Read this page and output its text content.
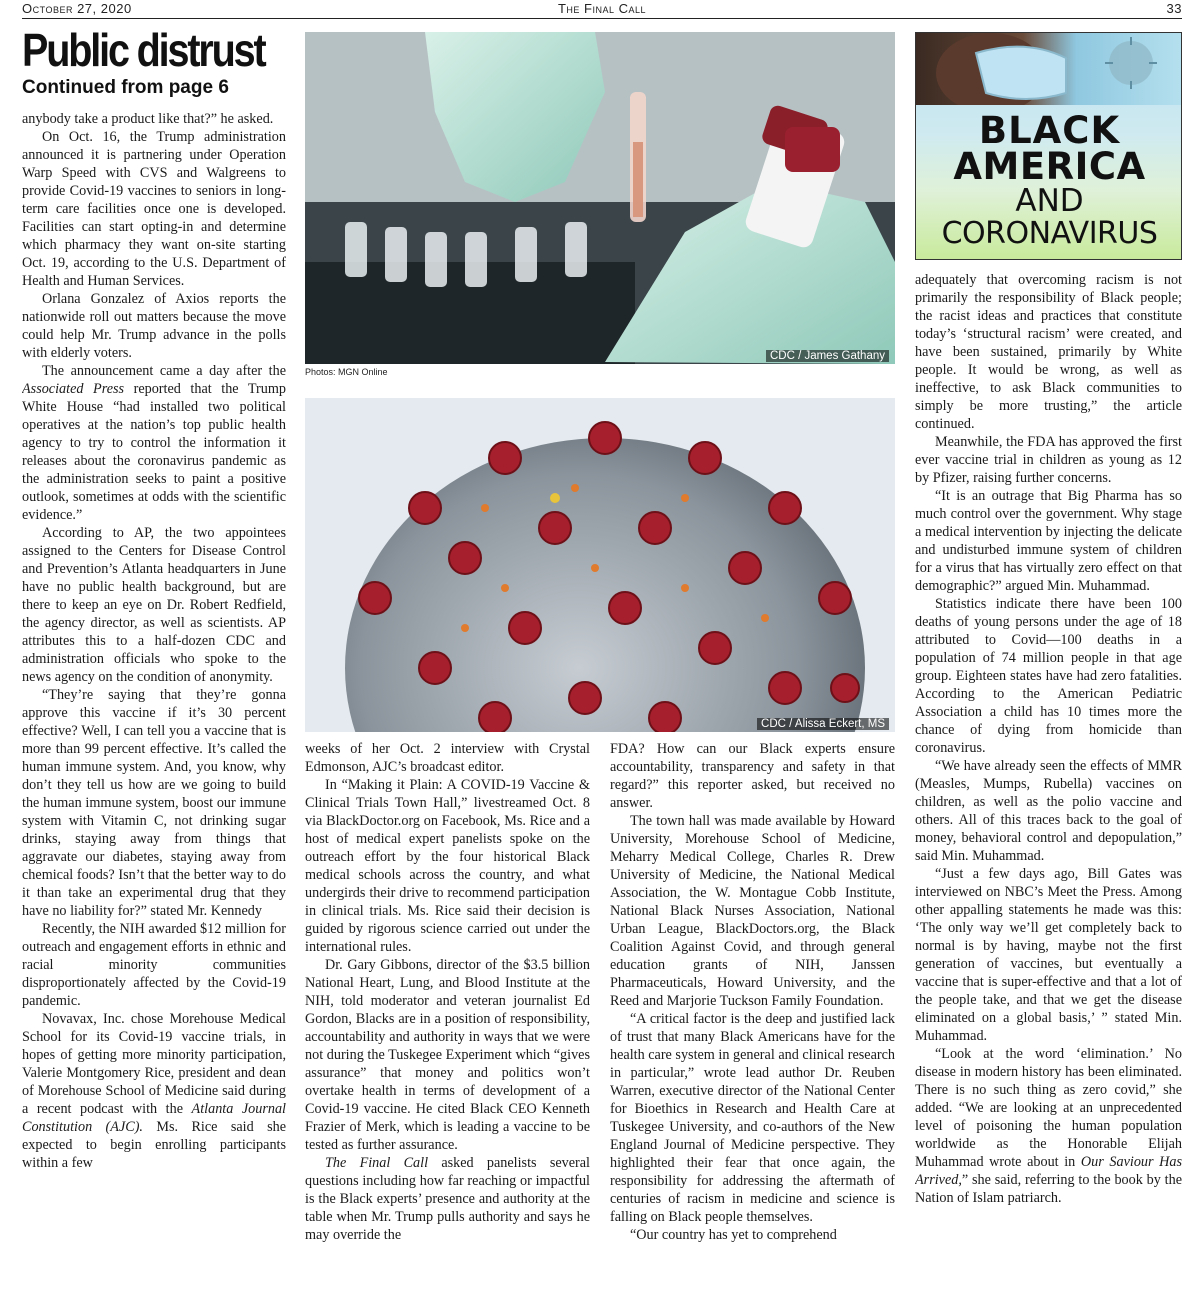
October 27, 2020	The Final Call	33
Public distrust
Continued from page 6

anybody take a product like that?” he asked.

On Oct. 16, the Trump administration announced it is partnering under Operation Warp Speed with CVS and Walgreens to provide Covid-19 vaccines to seniors in long-term care facilities once one is developed. Facilities can start opting-in and determine which pharmacy they want on-site starting Oct. 19, according to the U.S. Department of Health and Human Services.

Orlana Gonzalez of Axios reports the nationwide roll out matters because the move could help Mr. Trump advance in the polls with elderly voters.

The announcement came a day after the Associated Press reported that the Trump White House “had installed two political operatives at the nation’s top public health agency to try to control the information it releases about the coronavirus pandemic as the administration seeks to paint a positive outlook, sometimes at odds with the scientific evidence.”

According to AP, the two appointees assigned to the Centers for Disease Control and Prevention’s Atlanta headquarters in June have no public health background, but are there to keep an eye on Dr. Robert Redfield, the agency director, as well as scientists. AP attributes this to a half-dozen CDC and administration officials who spoke to the news agency on the condition of anonymity.

“They’re saying that they’re gonna approve this vaccine if it’s 30 percent effective? Well, I can tell you a vaccine that is more than 99 percent effective. It’s called the human immune system. And, you know, why don’t they tell us how are we going to build the human immune system, boost our immune system with Vitamin C, not drinking sugar drinks, staying away from things that aggravate our diabetes, staying away from chemical foods? Isn’t that the better way to do it than take an experimental drug that they have no liability for?” stated Mr. Kennedy

Recently, the NIH awarded $12 million for outreach and engagement efforts in ethnic and racial minority communities disproportionately affected by the Covid-19 pandemic.

Novavax, Inc. chose Morehouse Medical School for its Covid-19 vaccine trials, in hopes of getting more minority participation, Valerie Montgomery Rice, president and dean of Morehouse School of Medicine said during a recent podcast with the Atlanta Journal Constitution (AJC). Ms. Rice said she expected to begin enrolling participants within a few

CDC / James Gathany
Photos: MGN Online
CDC / Alissa Eckert, MS

weeks of her Oct. 2 interview with Crystal Edmonson, AJC’s broadcast editor.

In “Making it Plain: A COVID-19 Vaccine & Clinical Trials Town Hall,” livestreamed Oct. 8 via BlackDoctor.org on Facebook, Ms. Rice and a host of medical expert panelists spoke on the outreach effort by the four historical Black medical schools across the country, and what undergirds their drive to recommend participation in clinical trials. Ms. Rice said their decision is guided by rigorous science carried out under the international rules.

Dr. Gary Gibbons, director of the $3.5 billion National Heart, Lung, and Blood Institute at the NIH, told moderator and veteran journalist Ed Gordon, Blacks are in a position of responsibility, accountability and authority in ways that we were not during the Tuskegee Experiment which “gives assurance” that money and politics won’t overtake health in terms of development of a Covid-19 vaccine. He cited Black CEO Kenneth Frazier of Merk, which is leading a vaccine to be tested as further assurance.

The Final Call asked panelists several questions including how far reaching or impactful is the Black experts’ presence and authority at the table when Mr. Trump pulls authority and says he may override the

FDA? How can our Black experts ensure accountability, transparency and safety in that regard?” this reporter asked, but received no answer.

The town hall was made available by Howard University, Morehouse School of Medicine, Meharry Medical College, Charles R. Drew University of Medicine, the National Medical Association, the W. Montague Cobb Institute, National Black Nurses Association, National Urban League, BlackDoctors.org, the Black Coalition Against Covid, and through general education grants of NIH, Janssen Pharmaceuticals, Howard University, and the Reed and Marjorie Tuckson Family Foundation.

“A critical factor is the deep and justified lack of trust that many Black Americans have for the health care system in general and clinical research in particular,” wrote lead author Dr. Reuben Warren, executive director of the National Center for Bioethics in Research and Health Care at Tuskegee University, and co-authors of the New England Journal of Medicine perspective. They highlighted their fear that once again, the responsibility for addressing the aftermath of centuries of racism in medicine and science is falling on Black people themselves.

“Our country has yet to comprehend

BLACK
AMERICA
AND
CORONAVIRUS

adequately that overcoming racism is not primarily the responsibility of Black people; the racist ideas and practices that constitute today’s ‘structural racism’ were created, and have been sustained, primarily by White people. It would be wrong, as well as ineffective, to ask Black communities to simply be more trusting,” the article continued.

Meanwhile, the FDA has approved the first ever vaccine trial in children as young as 12 by Pfizer, raising further concerns.

“It is an outrage that Big Pharma has so much control over the government. Why stage a medical intervention by injecting the delicate and undisturbed immune system of children for a virus that has virtually zero effect on that demographic?” argued Min. Muhammad.

Statistics indicate there have been 100 deaths of young persons under the age of 18 attributed to Covid—100 deaths in a population of 74 million people in that age group. Eighteen states have had zero fatalities. According to the American Pediatric Association a child has 10 times more the chance of dying from homicide than coronavirus.

“We have already seen the effects of MMR (Measles, Mumps, Rubella) vaccines on children, as well as the polio vaccine and others. All of this traces back to the goal of money, behavioral control and depopulation,” said Min. Muhammad.

“Just a few days ago, Bill Gates was interviewed on NBC’s Meet the Press. Among other appalling statements he made was this: ‘The only way we’ll get completely back to normal is by having, maybe not the first generation of vaccines, but eventually a vaccine that is super-effective and that a lot of the people take, and that we get the disease eliminated on a global basis,’ ” stated Min. Muhammad.

“Look at the word ‘elimination.’ No disease in modern history has been eliminated. There is no such thing as zero covid,” she added. “We are looking at an unprecedented level of poisoning the human population worldwide as the Honorable Elijah Muhammad wrote about in Our Saviour Has Arrived,” she said, referring to the book by the Nation of Islam patriarch.
